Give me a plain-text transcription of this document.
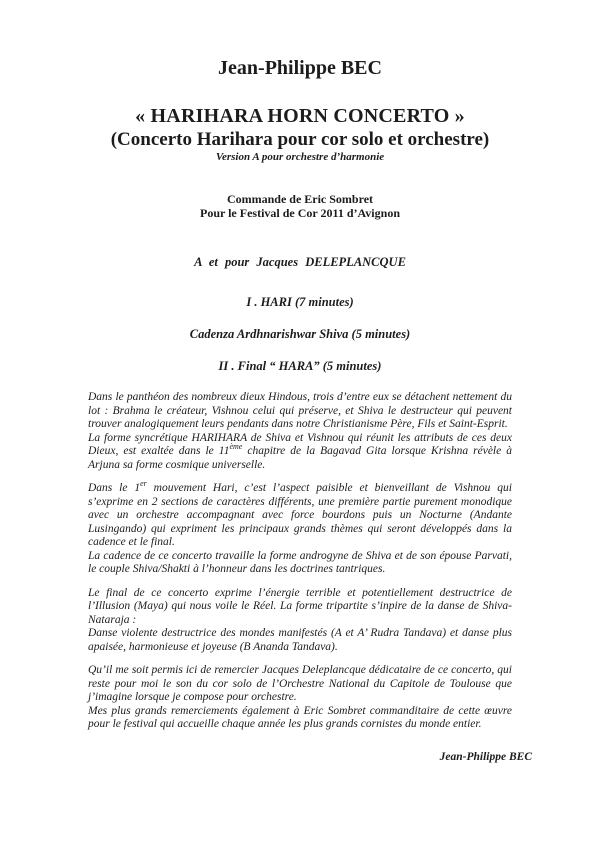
Jean-Philippe BEC
« HARIHARA HORN CONCERTO »
(Concerto Harihara pour cor solo et orchestre)
Version A pour orchestre d’harmonie
Commande de Eric Sombret
Pour le Festival de Cor 2011 d’Avignon
A et pour Jacques DELEPLANCQUE
I . HARI (7 minutes)
Cadenza Ardhnarishwar Shiva (5 minutes)
II . Final “ HARA” (5 minutes)
Dans le panthéon des nombreux dieux Hindous, trois d’entre eux se détachent nettement du lot : Brahma le créateur, Vishnou celui qui préserve, et Shiva le destructeur qui peuvent trouver analogiquement leurs pendants dans notre Christianisme Père, Fils et Saint-Esprit.
La forme syncrétique HARIHARA de Shiva et Vishnou qui réunit les attributs de ces deux Dieux, est exaltée dans le 11ème chapitre de la Bagavad Gita lorsque Krishna révèle à Arjuna sa forme cosmique universelle.
Dans le 1er mouvement Hari, c’est l’aspect paisible et bienveillant de Vishnou qui s’exprime en 2 sections de caractères différents, une première partie purement monodique avec un orchestre accompagnant avec force bourdons puis un Nocturne (Andante Lusingando) qui expriment les principaux grands thèmes qui seront développés dans la cadence et le final.
La cadence de ce concerto travaille la forme androgyne de Shiva et de son épouse Parvati, le couple Shiva/Shakti à l’honneur dans les doctrines tantriques.
Le final de ce concerto exprime l’énergie terrible et potentiellement destructrice de l’Illusion (Maya) qui nous voile le Réel. La forme tripartite s’inpire de la danse de Shiva-Nataraja :
Danse violente destructrice des mondes manifestés (A et A’ Rudra Tandava) et danse plus apaisée, harmonieuse et joyeuse (B Ananda Tandava).
Qu’il me soit permis ici de remercier Jacques Deleplancque dédicataire de ce concerto, qui reste pour moi le son du cor solo de l’Orchestre National du Capitole de Toulouse que j’imagine lorsque je compose pour orchestre.
Mes plus grands remerciements également à Eric Sombret commanditaire de cette œuvre pour le festival qui accueille chaque année les plus grands cornistes du monde entier.
Jean-Philippe BEC
